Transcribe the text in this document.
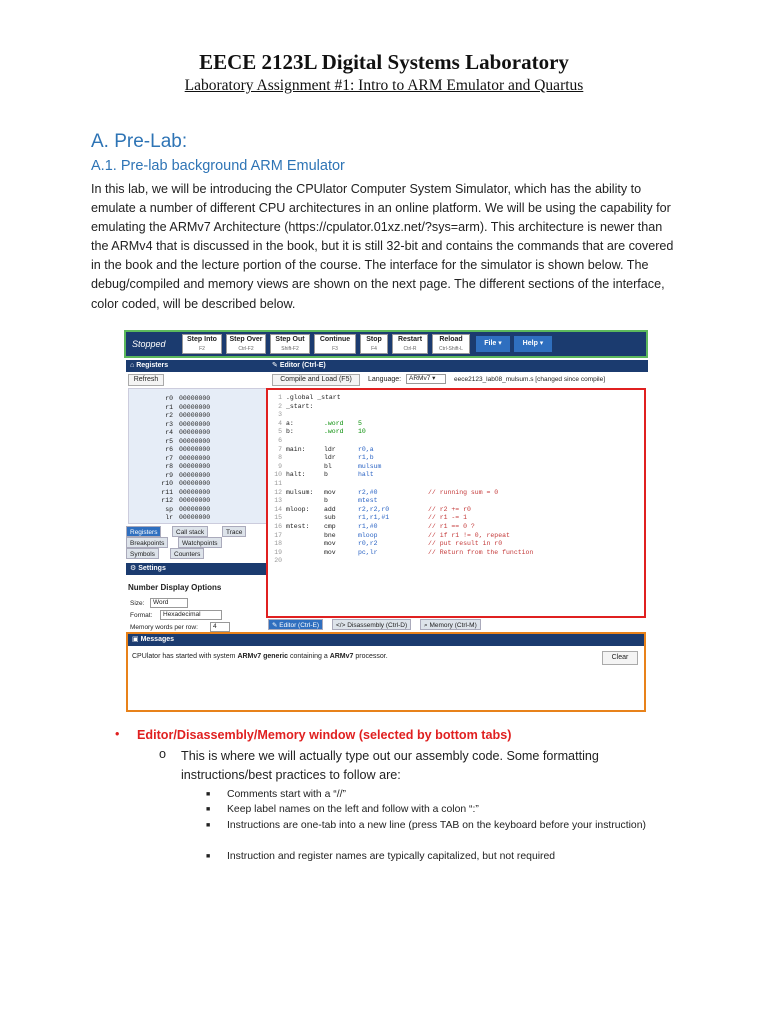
EECE 2123L Digital Systems Laboratory
Laboratory Assignment #1: Intro to ARM Emulator and Quartus
A. Pre-Lab:
A.1. Pre-lab background ARM Emulator
In this lab, we will be introducing the CPUlator Computer System Simulator, which has the ability to emulate a number of different CPU architectures in an online platform. We will be using the capability for emulating the ARMv7 Architecture (https://cpulator.01xz.net/?sys=arm). This architecture is newer than the ARMv4 that is discussed in the book, but it is still 32-bit and contains the commands that are covered in the book and the lecture portion of the course. The interface for the simulator is shown below. The debug/compiled and memory views are shown on the next page. The different sections of the interface, color coded, will be described below.
Stopped	Step Into
F2
Step Over
Ctrl-F2
Step Out
Shift-F2
Continue
F3
Stop
F4
Restart
Ctrl-R
Reload
Ctrl-Shift-L
File ▾	Help ▾
⌂ Registers
Refresh
r0 00000000
r1 00000000
r2 00000000
r3 00000000
r4 00000000
r5 00000000
r6 00000000
r7 00000000
r8 00000000
r9 00000000
r10 00000000
r11 00000000
r12 00000000
sp 00000000
lr 00000000
Registers	Call stack	Trace
Breakpoints	Watchpoints
Symbols	Counters
⚙ Settings
Number Display Options
Size:	Word
Format:	Hexadecimal
Memory words per row:	4
✎ Editor (Ctrl-E)
Compile and Load (F5)	Language:	ARMv7 ▾	eece2123_lab08_mulsum.s [changed since compile]
1 .global _start
2 _start:
3
4 a:	.word 5
5 b:	.word 10
6
7 main:	ldr	r0,a
8	ldr	r1,b
9	bl	mulsum
10 halt:	b	halt
11
12 mulsum: mov	r2,#0	// running sum = 0
13	b	mtest
14 mloop: add	r2,r2,r0	// r2 += r0
15	sub	r1,r1,#1	// r1 -= 1
16 mtest: cmp	r1,#0	// r1 == 0 ?
17	bne	mloop	// if r1 != 0, repeat
18	mov	r0,r2	// put result in r0
19	mov	pc,lr	// Return from the function
20
✎ Editor (Ctrl-E)	</> Disassembly (Ctrl-D)	⌕ Memory (Ctrl-M)
▣ Messages
CPUlator has started with system ARMv7 generic containing a ARMv7 processor.	Clear
• Editor/Disassembly/Memory window (selected by bottom tabs)
o This is where we will actually type out our assembly code. Some formatting instructions/best practices to follow are:
■ Comments start with a “//”
■ Keep label names on the left and follow with a colon “:”
■ Instructions are one-tab into a new line (press TAB on the keyboard before your instruction)
■ Instruction and register names are typically capitalized, but not required
